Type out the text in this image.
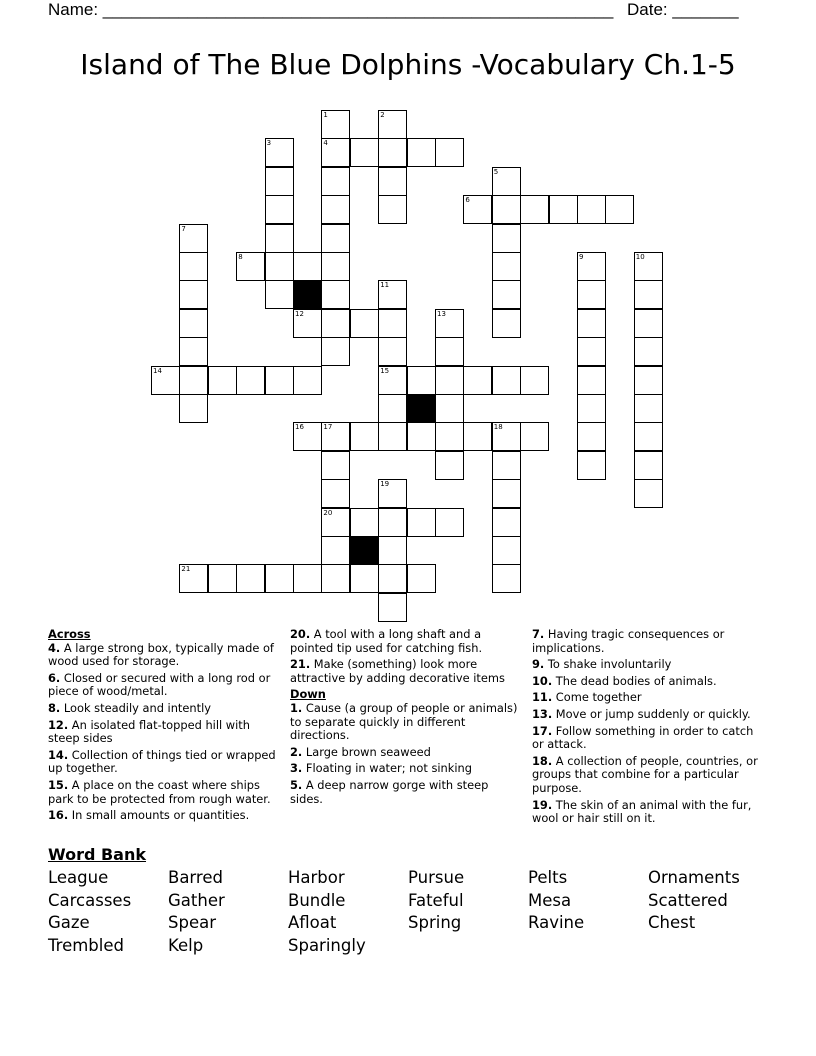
Name: ______________________________________________________ Date: _______
Island of The Blue Dolphins -Vocabulary Ch.1-5
1	2
3	4
5
6
7
8	9	10
11
12	13
14	15
16	17	18
19
20
21
Across
4. A large strong box, typically made of wood used for storage.
6. Closed or secured with a long rod or piece of wood/metal.
8. Look steadily and intently
12. An isolated flat-topped hill with steep sides
14. Collection of things tied or wrapped up together.
15. A place on the coast where ships park to be protected from rough water.
16. In small amounts or quantities.
20. A tool with a long shaft and a pointed tip used for catching fish.
21. Make (something) look more attractive by adding decorative items
Down
1. Cause (a group of people or animals) to separate quickly in different directions.
2. Large brown seaweed
3. Floating in water; not sinking
5. A deep narrow gorge with steep sides.
7. Having tragic consequences or implications.
9. To shake involuntarily
10. The dead bodies of animals.
11. Come together
13. Move or jump suddenly or quickly.
17. Follow something in order to catch or attack.
18. A collection of people, countries, or groups that combine for a particular purpose.
19. The skin of an animal with the fur, wool or hair still on it.
Word Bank
League	Barred	Harbor	Pursue	Pelts	Ornaments
Carcasses	Gather	Bundle	Fateful	Mesa	Scattered
Gaze	Spear	Afloat	Spring	Ravine	Chest
Trembled	Kelp	Sparingly
